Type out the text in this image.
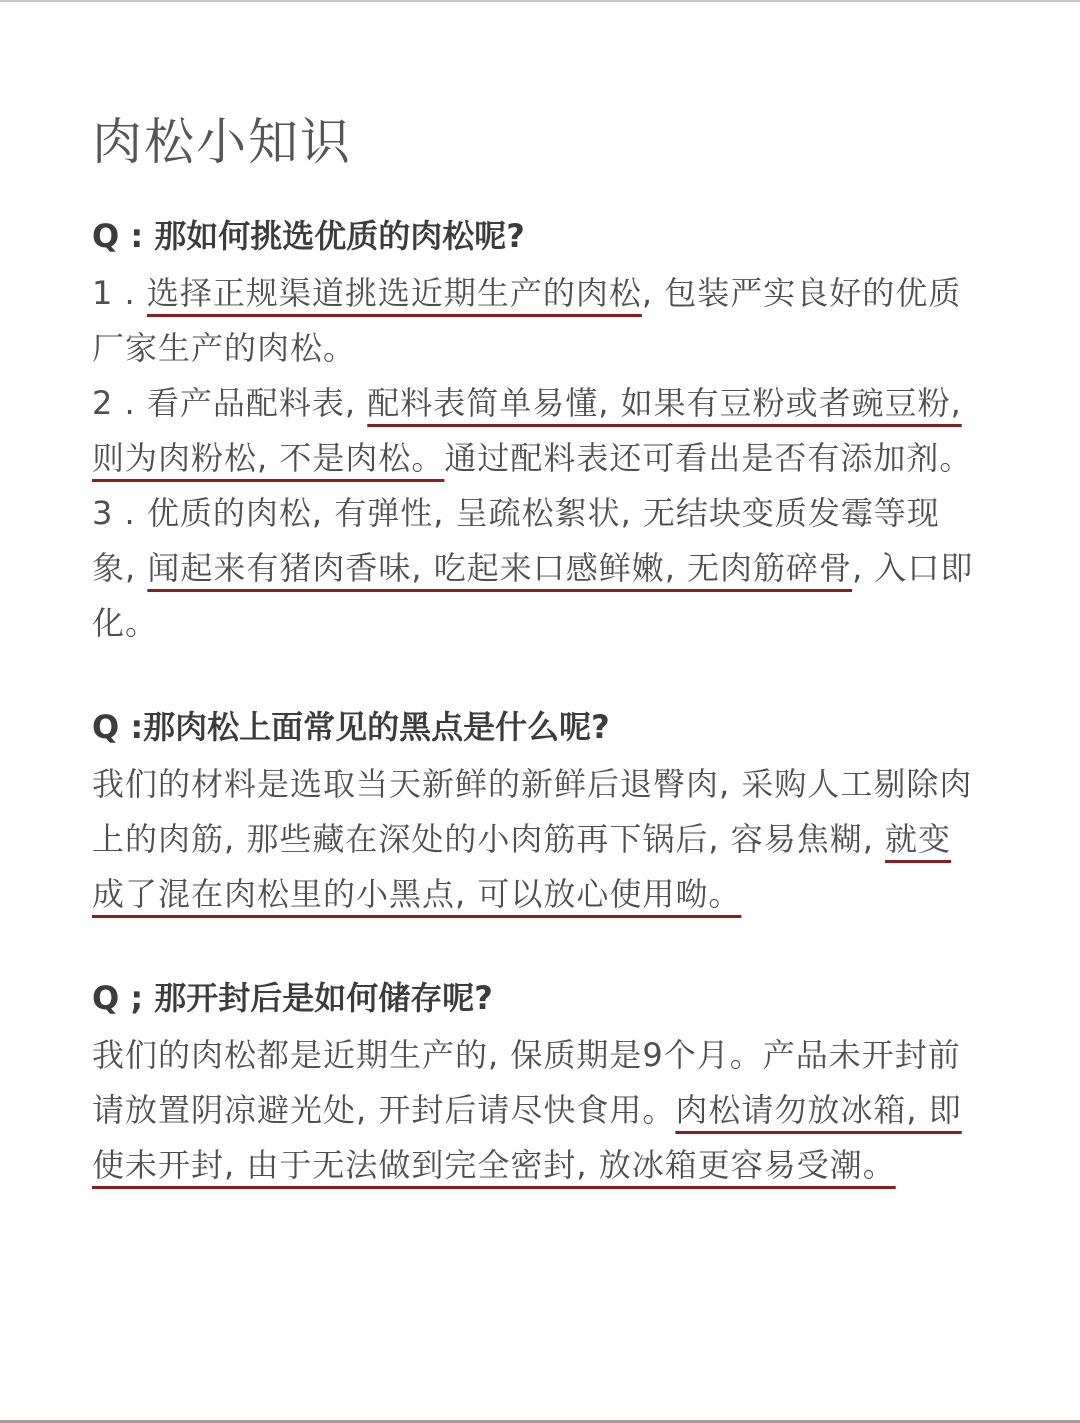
肉松小知识

Q : 那如何挑选优质的肉松呢?

1 . 选择正规渠道挑选近期生产的肉松, 包装严实良好的优质厂家生产的肉松。

2 . 看产品配料表, 配料表简单易懂, 如果有豆粉或者豌豆粉, 则为肉粉松, 不是肉松。通过配料表还可看出是否有添加剂。

3 . 优质的肉松, 有弹性, 呈疏松絮状, 无结块变质发霉等现象, 闻起来有猪肉香味, 吃起来口感鲜嫩, 无肉筋碎骨, 入口即化。

Q :那肉松上面常见的黑点是什么呢?

我们的材料是选取当天新鲜的新鲜后退臀肉, 采购人工剔除肉上的肉筋, 那些藏在深处的小肉筋再下锅后, 容易焦糊, 就变成了混在肉松里的小黑点, 可以放心使用呦。

Q ; 那开封后是如何储存呢?

我们的肉松都是近期生产的, 保质期是9个月。产品未开封前请放置阴凉避光处, 开封后请尽快食用。肉松请勿放冰箱, 即使未开封, 由于无法做到完全密封, 放冰箱更容易受潮。
